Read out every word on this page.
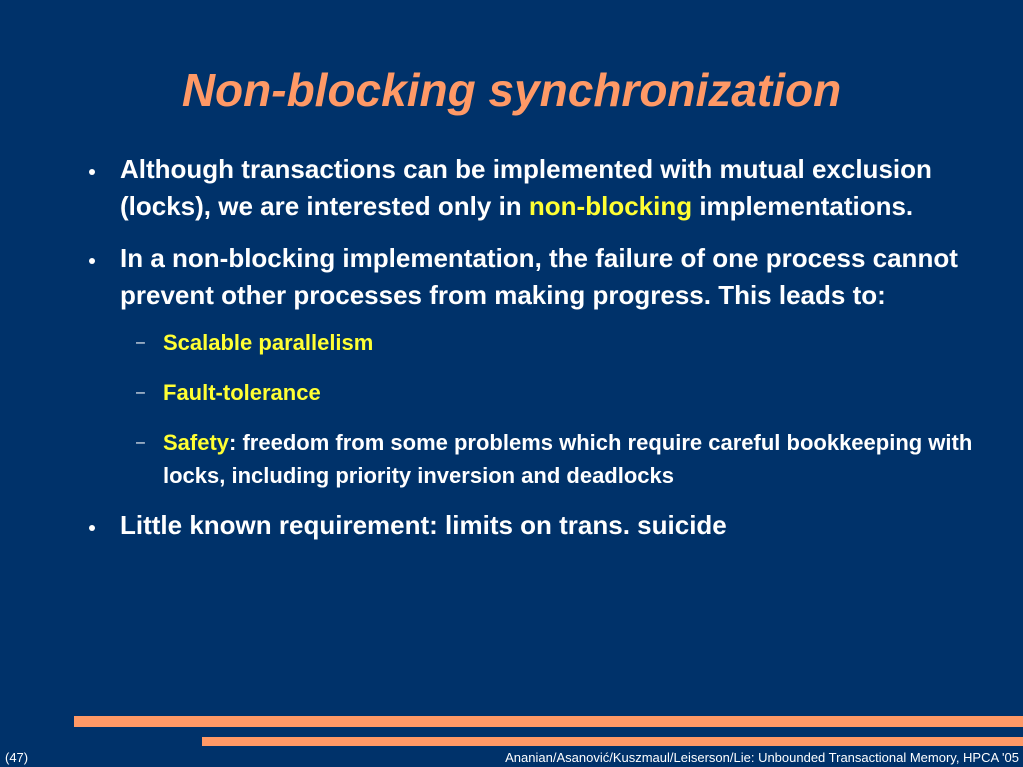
Non-blocking synchronization
Although transactions can be implemented with mutual exclusion (locks), we are interested only in non-blocking implementations.
In a non-blocking implementation, the failure of one process cannot prevent other processes from making progress. This leads to:
– Scalable parallelism
– Fault-tolerance
– Safety: freedom from some problems which require careful bookkeeping with locks, including priority inversion and deadlocks
Little known requirement: limits on trans. suicide
(47)	Ananian/Asanović/Kuszmaul/Leiserson/Lie: Unbounded Transactional Memory, HPCA '05
